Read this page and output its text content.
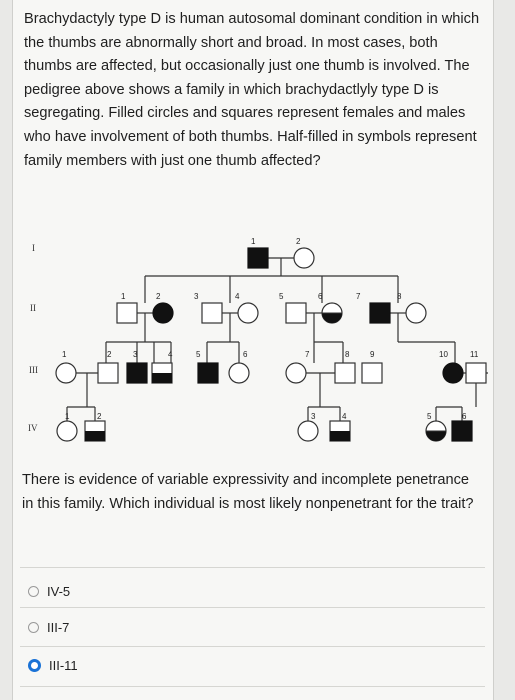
Brachydactyly type D is human autosomal dominant condition in which the thumbs are abnormally short and broad. In most cases, both thumbs are affected, but occasionally just one thumb is involved. The pedigree above shows a family in which brachydactlyly type D is segregating. Filled circles and squares represent females and males who have involvement of both thumbs. Half-filled in symbols represent family members with just one thumb affected?
I
II
III
IV
1	2
1	2	3	4	5	6	7	8
1	2	3	4	5	6	7	8	9	10	11
1	2	3	4	5	6
There is evidence of variable expressivity and incomplete penetrance in this family. Which individual is most likely nonpenetrant for the trait?
IV-5
III-7
III-11
